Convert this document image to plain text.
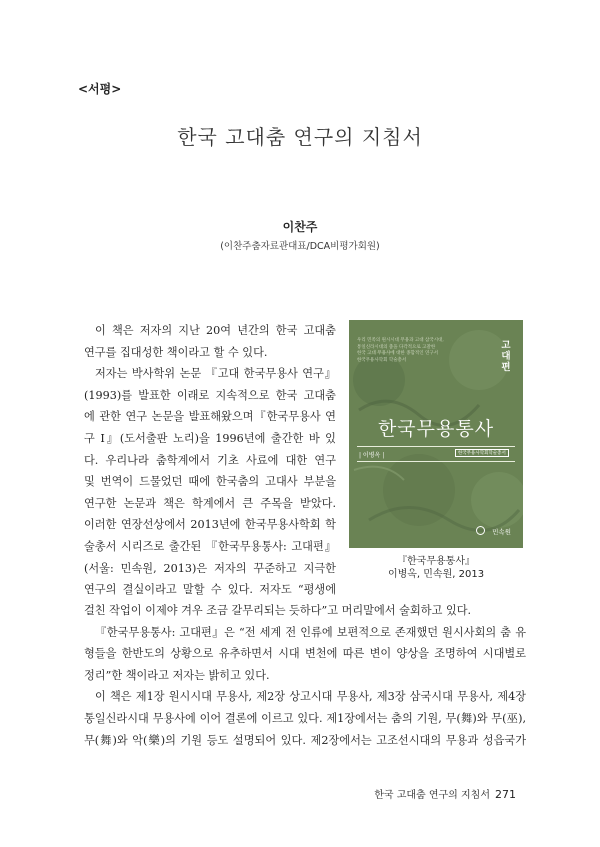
<서평>
한국 고대춤 연구의 지침서
이찬주
(이찬주춤자료관대표/DCA비평가회원)
이 책은 저자의 지난 20여 년간의 한국 고대춤
연구를 집대성한 책이라고 할 수 있다.
저자는 박사학위 논문 『고대 한국무용사 연구』
(1993)를 발표한 이래로 지속적으로 한국 고대춤
에 관한 연구 논문을 발표해왔으며『한국무용사 연
구 Ⅰ』(도서출판 노리)을 1996년에 출간한 바 있
다. 우리나라 춤학계에서 기초 사료에 대한 연구
및 번역이 드물었던 때에 한국춤의 고대사 부분을
연구한 논문과 책은 학계에서 큰 주목을 받았다.
이러한 연장선상에서 2013년에 한국무용사학회 학
술총서 시리즈로 출간된 『한국무용통사: 고대편』
(서울: 민속원, 2013)은 저자의 꾸준하고 지극한
연구의 결실이라고 말할 수 있다. 저자도 “평생에
걸친 작업이 이제야 겨우 조금 갈무리되는 듯하다”고 머리말에서 술회하고 있다.
『한국무용통사: 고대편』은 “전 세계 전 인류에 보편적으로 존재했던 원시사회의 춤 유
형들을 한반도의 상황으로 유추하면서 시대 변천에 따른 변이 양상을 조명하여 시대별로
정리”한 책이라고 저자는 밝히고 있다.
이 책은 제1장 원시시대 무용사, 제2장 상고시대 무용사, 제3장 삼국시대 무용사, 제4장
통일신라시대 무용사에 이어 결론에 이르고 있다. 제1장에서는 춤의 기원, 무(舞)와 무(巫),
무(舞)와 악(樂)의 기원 등도 설명되어 있다. 제2장에서는 고조선시대의 무용과 성읍국가
우리 민족의 원시시대 무용과 고대 삼국시대,
통일신라시대의 춤을 다각적으로 고찰한
한국 고대 무용사에 대한 종합적인 연구서
한국무용사학회 학술총서
고대편
한국무용통사
| 이병옥 |	한국무용사학회학술총서
민속원
『한국무용통사』
이병옥, 민속원, 2013
한국 고대춤 연구의 지침서 271
